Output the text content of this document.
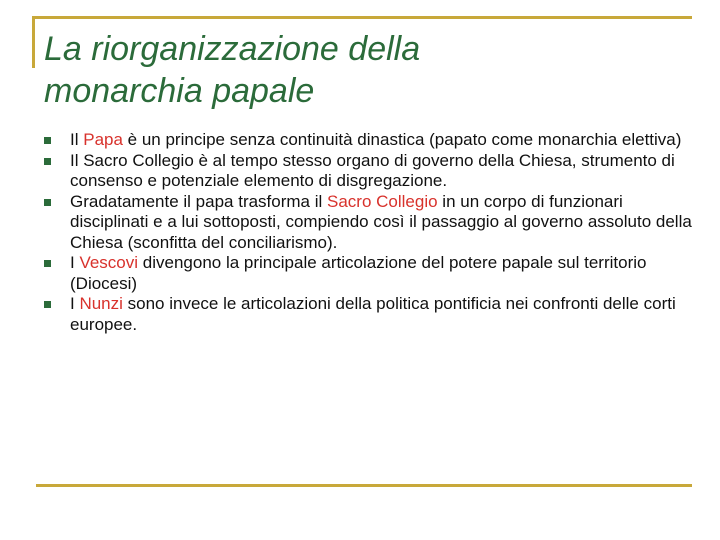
La riorganizzazione della
monarchia papale
Il Papa è un principe senza continuità dinastica (papato come monarchia elettiva)
Il Sacro Collegio è al tempo stesso organo di governo della Chiesa, strumento di consenso e potenziale elemento di disgregazione.
Gradatamente il papa trasforma il Sacro Collegio in un corpo di funzionari disciplinati e a lui sottoposti, compiendo così il passaggio al governo assoluto della Chiesa (sconfitta del conciliarismo).
I Vescovi divengono la principale articolazione del potere papale sul territorio (Diocesi)
I Nunzi sono invece le articolazioni della politica pontificia nei confronti delle corti europee.
